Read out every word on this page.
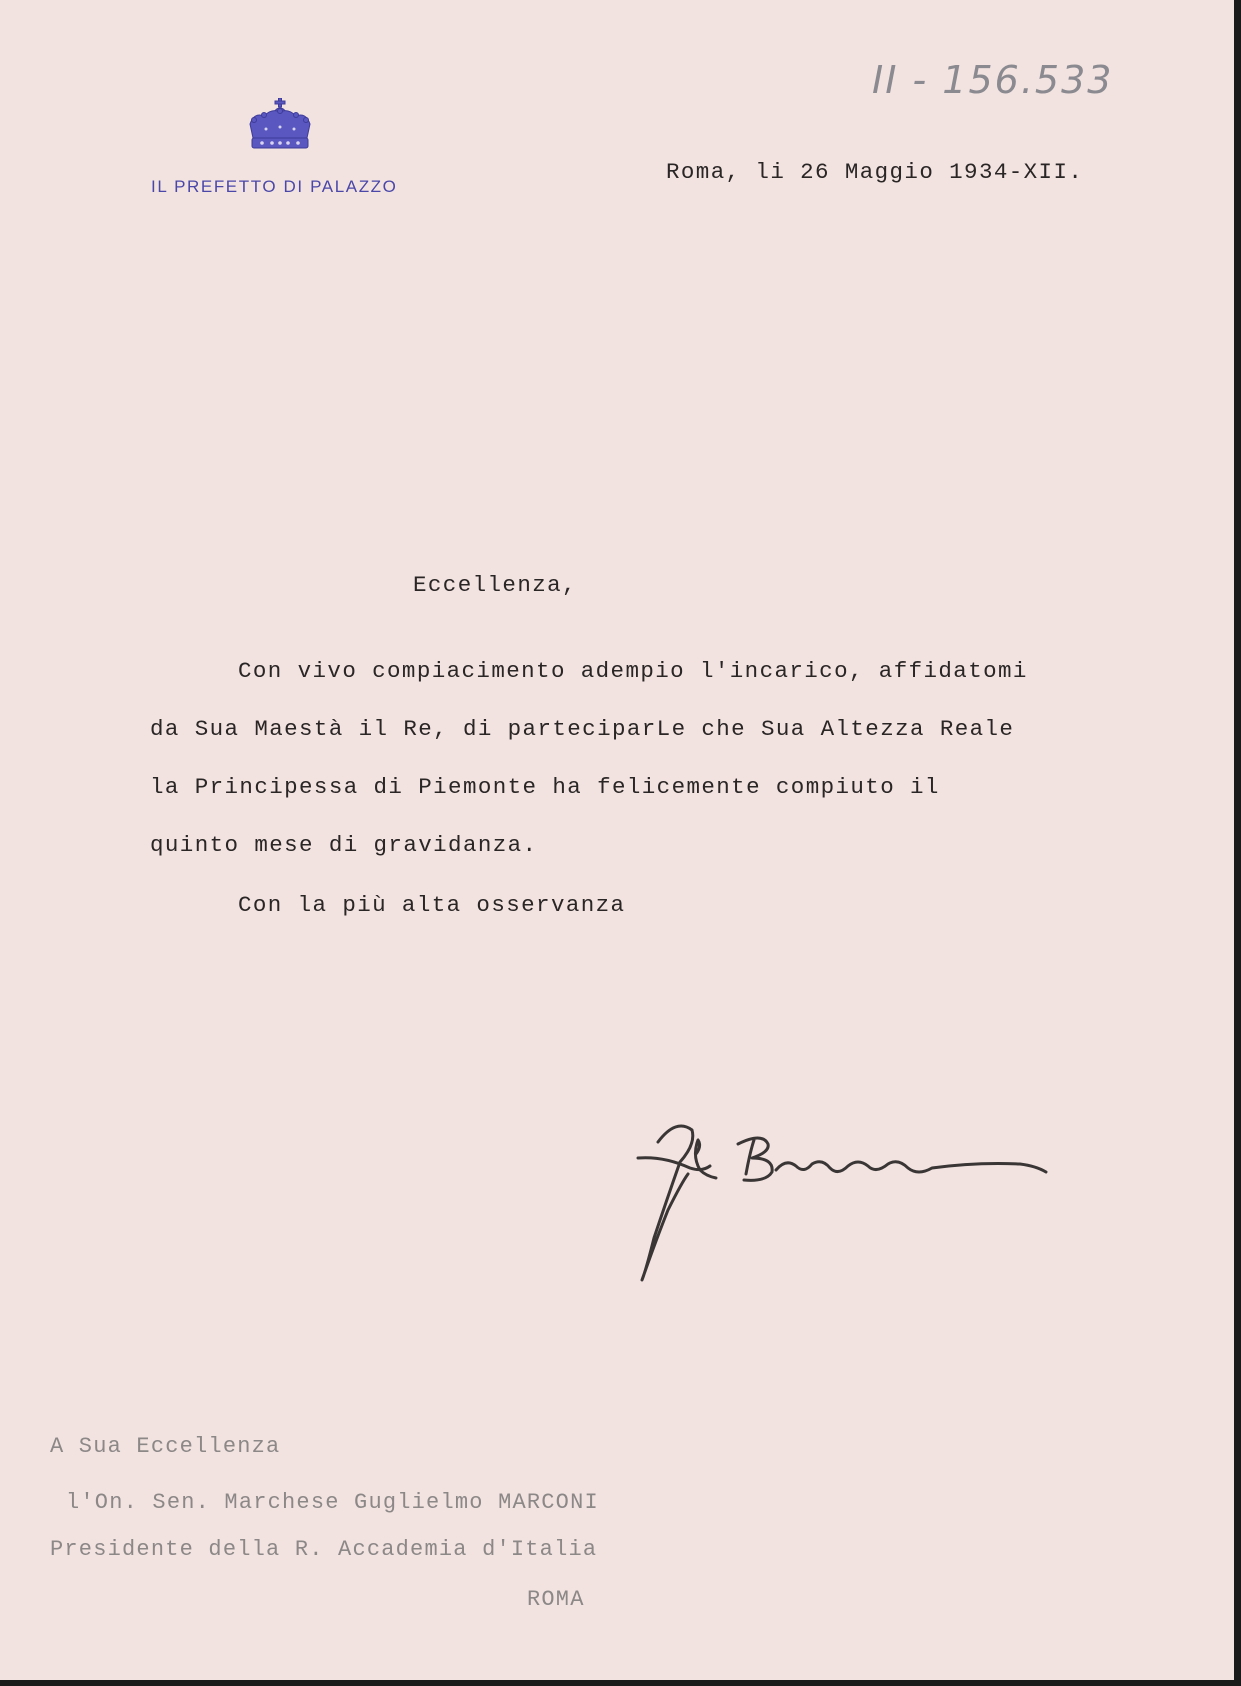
II - 156.533
IL PREFETTO DI PALAZZO
Roma, li 26 Maggio 1934-XII.
Eccellenza,
Con vivo compiacimento adempio l'incarico, affidatomi
da Sua Maestà il Re, di parteciparLe che Sua Altezza Reale
la Principessa di Piemonte ha felicemente compiuto il
quinto mese di gravidanza.
Con la più alta osservanza
A Sua Eccellenza
l'On. Sen. Marchese Guglielmo MARCONI
Presidente della R. Accademia d'Italia
ROMA
